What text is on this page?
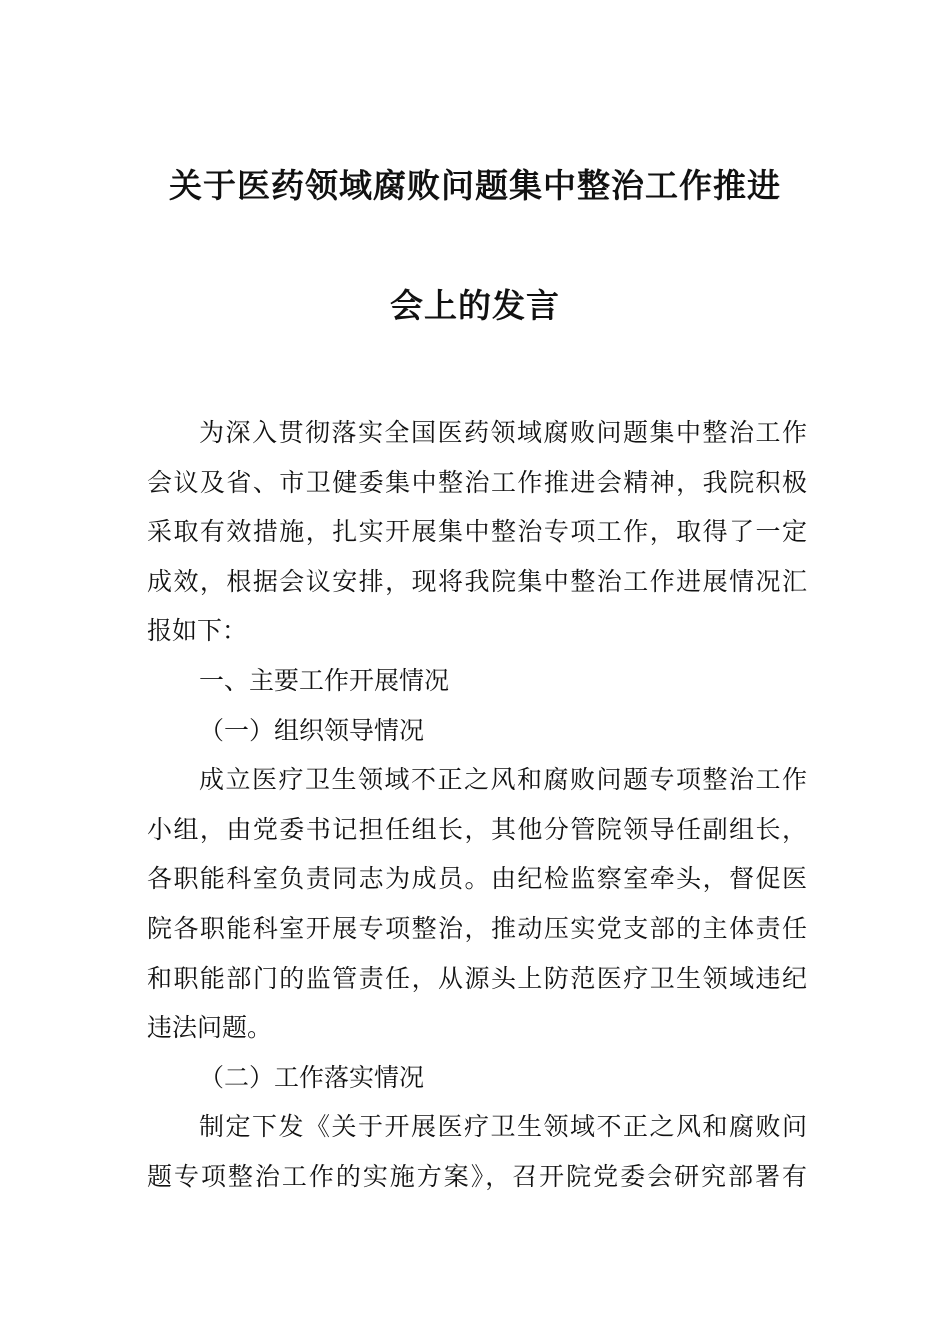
关于医药领域腐败问题集中整治工作推进
会上的发言
为深入贯彻落实全国医药领域腐败问题集中整治工作
会议及省、市卫健委集中整治工作推进会精神，我院积极
采取有效措施，扎实开展集中整治专项工作，取得了一定
成效，根据会议安排，现将我院集中整治工作进展情况汇
报如下：
一、主要工作开展情况
（一）组织领导情况
成立医疗卫生领域不正之风和腐败问题专项整治工作
小组，由党委书记担任组长，其他分管院领导任副组长，
各职能科室负责同志为成员。由纪检监察室牵头，督促医
院各职能科室开展专项整治，推动压实党支部的主体责任
和职能部门的监管责任，从源头上防范医疗卫生领域违纪
违法问题。
（二）工作落实情况
制定下发《关于开展医疗卫生领域不正之风和腐败问
题专项整治工作的实施方案》，召开院党委会研究部署有
